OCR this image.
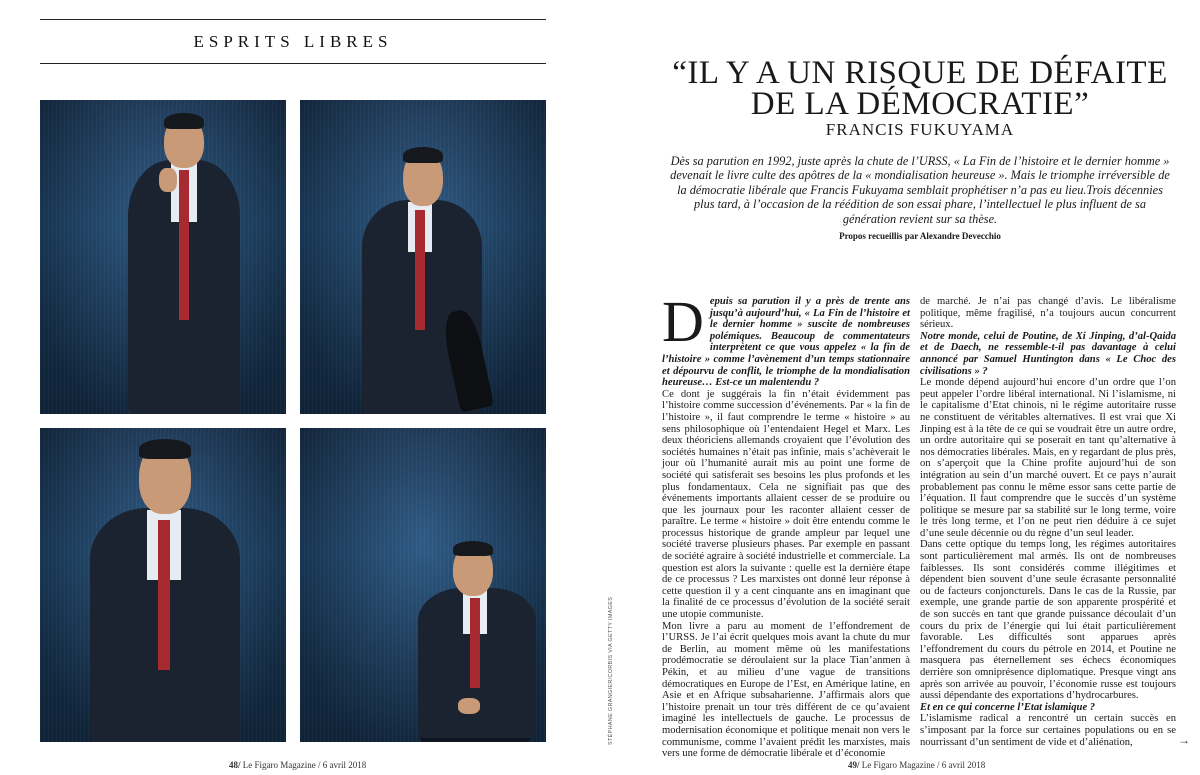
ESPRITS LIBRES
48/ Le Figaro Magazine / 6 avril 2018
“IL Y A UN RISQUE DE DÉFAITE
DE LA DÉMOCRATIE”
FRANCIS FUKUYAMA
Dès sa parution en 1992, juste après la chute de l’URSS, « La Fin de l’histoire et le dernier homme » devenait le livre culte des apôtres de la « mondialisation heureuse ». Mais le triomphe irréversible de la démocratie libérale que Francis Fukuyama semblait prophétiser n’a pas eu lieu.Trois décennies plus tard, à l’occasion de la réédition de son essai phare, l’intellectuel le plus influent de sa génération revient sur sa thèse.
Propos recueillis par Alexandre Devecchio
STÉPHANE GRANGIER/CORBIS VIA GETTY IMAGES
D epuis sa parution il y a près de trente ans jusqu’à aujourd’hui, « La Fin de l’histoire et le dernier homme » suscite de nombreuses polémiques. Beaucoup de commentateurs interprètent ce que vous appelez « la fin de l’histoire » comme l’avènement d’un temps stationnaire et dépourvu de conflit, le triomphe de la mondialisation heureuse… Est-ce un malentendu ?

Ce dont je suggérais la fin n’était évidemment pas l’histoire comme succession d’événements. Par « la fin de l’histoire », il faut comprendre le terme « histoire » au sens philosophique où l’entendaient Hegel et Marx. Les deux théoriciens allemands croyaient que l’évolution des sociétés humaines n’était pas infinie, mais s’achèverait le jour où l’humanité aurait mis au point une forme de société qui satisferait ses besoins les plus profonds et les plus fondamentaux. Cela ne signifiait pas que des événements importants allaient cesser de se produire ou que les journaux pour les raconter allaient cesser de paraître. Le terme « histoire » doit être entendu comme le processus historique de grande ampleur par lequel une société traverse plusieurs phases. Par exemple en passant de société agraire à société industrielle et commerciale. La question est alors la suivante : quelle est la dernière étape de ce processus ? Les marxistes ont donné leur réponse à cette question il y a cent cinquante ans en imaginant que la finalité de ce processus d’évolution de la société serait une utopie communiste.

Mon livre a paru au moment de l’effondrement de l’URSS. Je l’ai écrit quelques mois avant la chute du mur de Berlin, au moment même où les manifestations prodémocratie se déroulaient sur la place Tian’anmen à Pékin, et au milieu d’une vague de transitions démocratiques en Europe de l’Est, en Amérique latine, en Asie et en Afrique subsaharienne. J’affirmais alors que l’histoire prenait un tour très différent de ce qu’avaient imaginé les intellectuels de gauche. Le processus de modernisation économique et politique menait non vers le communisme, comme l’avaient prédit les marxistes, mais vers une forme de démocratie libérale et d’économie

de marché. Je n’ai pas changé d’avis. Le libéralisme politique, même fragilisé, n’a toujours aucun concurrent sérieux.

Notre monde, celui de Poutine, de Xi Jinping, d’al-Qaida et de Daech, ne ressemble-t-il pas davantage à celui annoncé par Samuel Huntington dans « Le Choc des civilisations » ?

Le monde dépend aujourd’hui encore d’un ordre que l’on peut appeler l’ordre libéral international. Ni l’islamisme, ni le capitalisme d’Etat chinois, ni le régime autoritaire russe ne constituent de véritables alternatives. Il est vrai que Xi Jinping est à la tête de ce qui se voudrait être un autre ordre, un ordre autoritaire qui se poserait en tant qu’alternative à nos démocraties libérales. Mais, en y regardant de plus près, on s’aperçoit que la Chine profite aujourd’hui de son intégration au sein d’un marché ouvert. Et ce pays n’aurait probablement pas connu le même essor sans cette partie de l’équation. Il faut comprendre que le succès d’un système politique se mesure par sa stabilité sur le long terme, voire le très long terme, et l’on ne peut rien déduire à ce sujet d’une seule décennie ou du règne d’un seul leader.

Dans cette optique du temps long, les régimes autoritaires sont particulièrement mal armés. Ils ont de nombreuses faiblesses. Ils sont considérés comme illégitimes et dépendent bien souvent d’une seule écrasante personnalité ou de facteurs conjoncturels. Dans le cas de la Russie, par exemple, une grande partie de son apparente prospérité et de son succès en tant que grande puissance découlait d’un cours du prix de l’énergie qui lui était particulièrement favorable. Les difficultés sont apparues après l’effondrement du cours du pétrole en 2014, et Poutine ne masquera pas éternellement ses échecs économiques derrière son omniprésence diplomatique. Presque vingt ans après son arrivée au pouvoir, l’économie russe est toujours aussi dépendante des exportations d’hydrocarbures.

Et en ce qui concerne l’Etat islamique ?

L’islamisme radical a rencontré un certain succès en s’imposant par la force sur certaines populations ou en se nourrissant d’un sentiment de vide et d’aliénation,	→
49/ Le Figaro Magazine / 6 avril 2018
